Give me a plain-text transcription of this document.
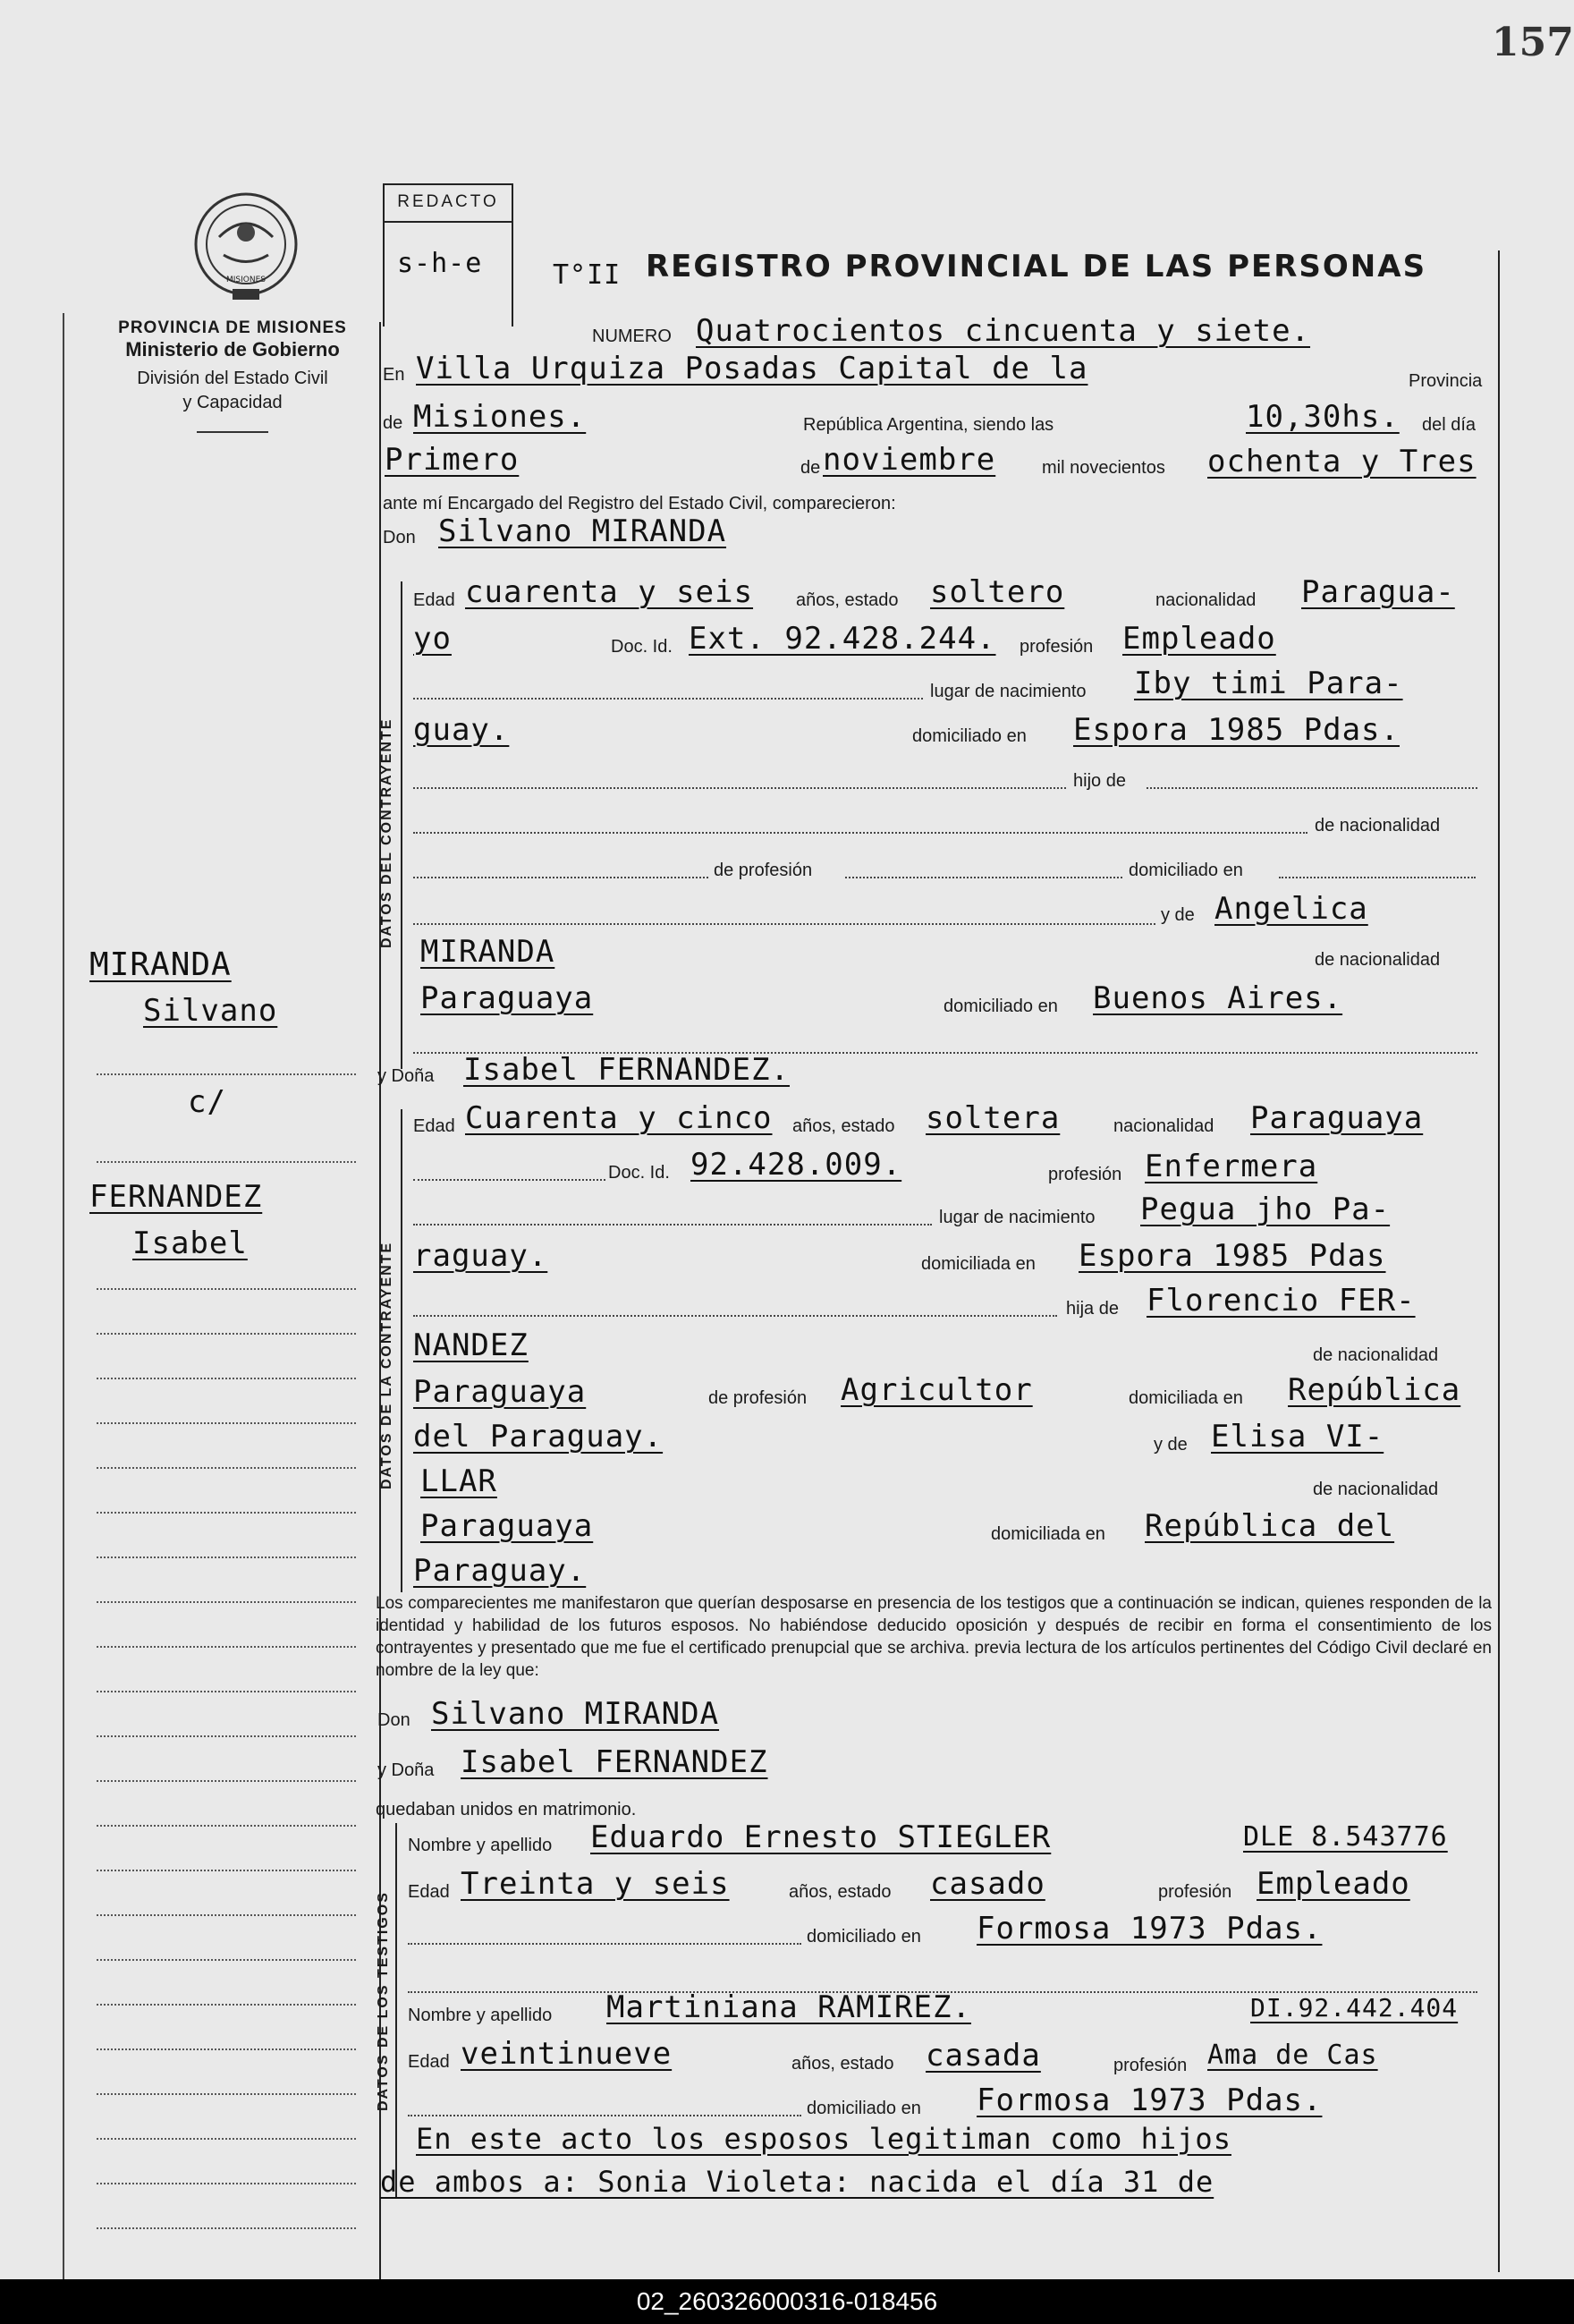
157
MISIONES
PROVINCIA DE MISIONES
Ministerio de Gobierno
División del Estado Civil
y Capacidad
REDACTO
s-h-e	T°II REGISTRO PROVINCIAL DE LAS PERSONAS
NUMERO Quatrocientos cincuenta y siete.
En Villa Urquiza Posadas Capital de la	Provincia
de Misiones.	República Argentina, siendo las	10,30hs. del día
Primero	de noviembre	mil novecientos ochenta y Tres
ante mí Encargado del Registro del Estado Civil, comparecieron:
Don Silvano MIRANDA
DATOS DEL CONTRAYENTE
Edad cuarenta y seis años, estado soltero	nacionalidad Paragua-
yo	Doc. Id. Ext. 92.428.244. profesión Empleado
lugar de nacimiento Iby timi Para-
guay.	domiciliado en Espora 1985 Pdas.
hijo de
de nacionalidad
de profesión	domiciliado en
y de Angelica
MIRANDA	de nacionalidad
Paraguaya	domiciliado en Buenos Aires.
y Doña Isabel FERNANDEZ.
DATOS DE LA CONTRAYENTE
Edad Cuarenta y cinco años, estado soltera	nacionalidad Paraguaya
Doc. Id. 92.428.009.	profesión Enfermera
lugar de nacimiento Pegua jho Pa-
raguay.	domiciliada en Espora 1985 Pdas
hija de Florencio FER-
NANDEZ	de nacionalidad
Paraguaya	de profesión Agricultor	domiciliada en República
del Paraguay.	y de Elisa VI-
LLAR	de nacionalidad
Paraguaya	domiciliada en República del
Paraguay.
Los comparecientes me manifestaron que querían desposarse en presencia de los testigos que a continuación se indican, quienes responden de la identidad y habilidad de los futuros esposos. No habiéndose deducido oposición y después de recibir en forma el consentimiento de los contrayentes y presentado que me fue el certificado prenupcial que se archiva. previa lectura de los artículos pertinentes del Código Civil declaré en nombre de la ley que:
Don Silvano MIRANDA
y Doña Isabel FERNANDEZ
quedaban unidos en matrimonio.
DATOS DE LOS TESTIGOS
Nombre y apellido Eduardo Ernesto STIEGLER	DLE 8.543776
Edad Treinta y seis	años, estado casado	profesión Empleado
domiciliado en Formosa 1973 Pdas.
Nombre y apellido Martiniana RAMIREZ.	DI.92.442.404
Edad veintinueve	años, estado casada	profesión Ama de Cas
domiciliado en Formosa 1973 Pdas.
En este acto los esposos legitiman como hijos
de ambos a: Sonia Violeta: nacida el día 31 de
MIRANDA
Silvano
c/
FERNANDEZ
Isabel
02_260326000316-018456
